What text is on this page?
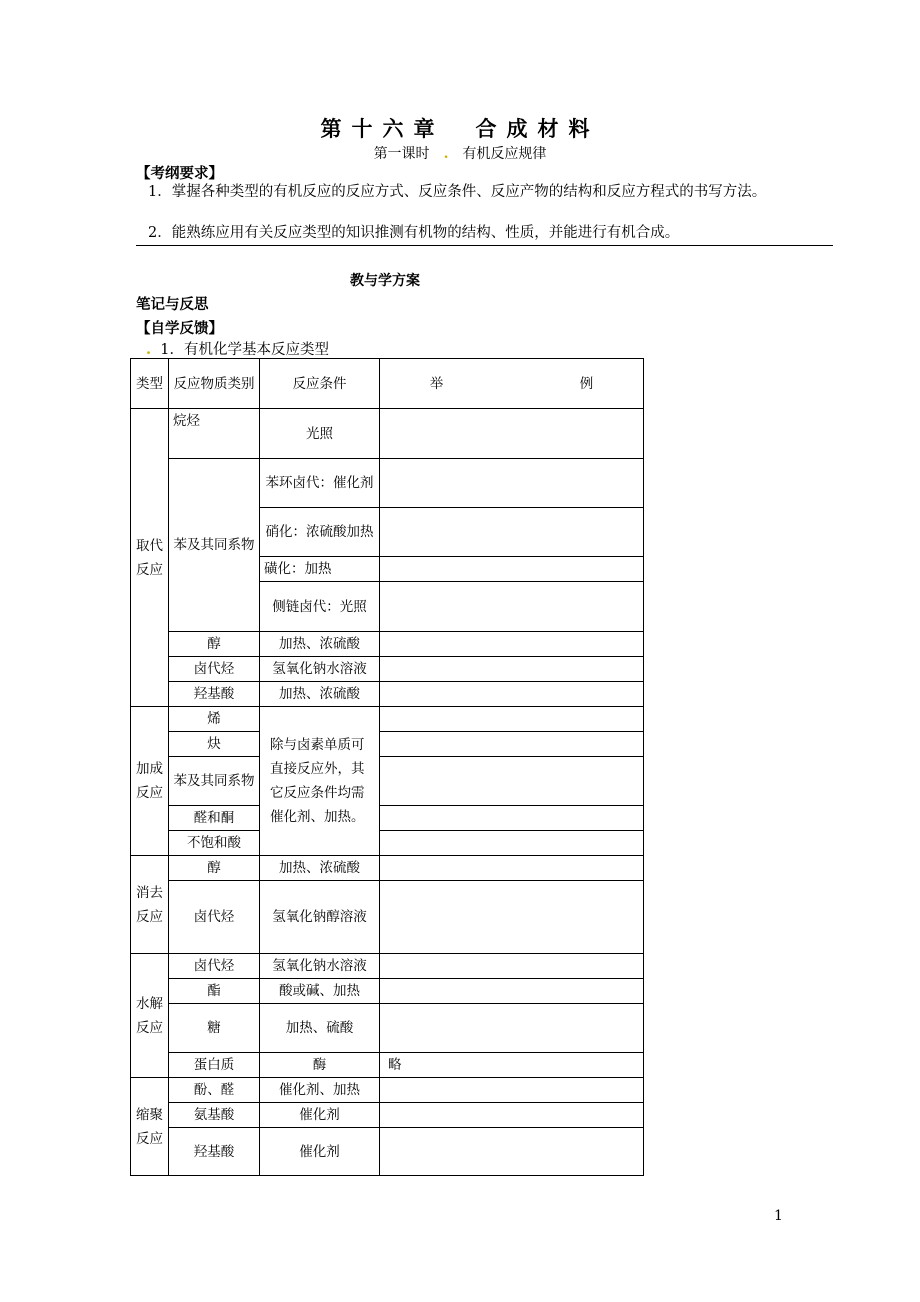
第十六章　合成材料
第一课时 . 有机反应规律
【考纲要求】
1．掌握各种类型的有机反应的反应方式、反应条件、反应产物的结构和反应方程式的书写方法。
2．能熟练应用有关反应类型的知识推测有机物的结构、性质，并能进行有机合成。
教与学方案
笔记与反思
【自学反馈】
. 1．有机化学基本反应类型
类型	反应物质类别	反应条件	举 例
取代反应	烷烃	光照	
	苯及其同系物	苯环卤代：催化剂	
		硝化：浓硫酸加热	
		磺化：加热	
		侧链卤代：光照	
	醇	加热、浓硫酸	
	卤代烃	氢氧化钠水溶液	
	羟基酸	加热、浓硫酸	
加成反应	烯	除与卤素单质可直接反应外，其它反应条件均需催化剂、加热。	
	炔		
	苯及其同系物		
	醛和酮		
	不饱和酸		
消去反应	醇	加热、浓硫酸	
	卤代烃	氢氧化钠醇溶液	
水解反应	卤代烃	氢氧化钠水溶液	
	酯	酸或碱、加热	
	糖	加热、硫酸	
	蛋白质	酶	略
缩聚反应	酚、醛	催化剂、加热	
	氨基酸	催化剂	
	羟基酸	催化剂	
1
